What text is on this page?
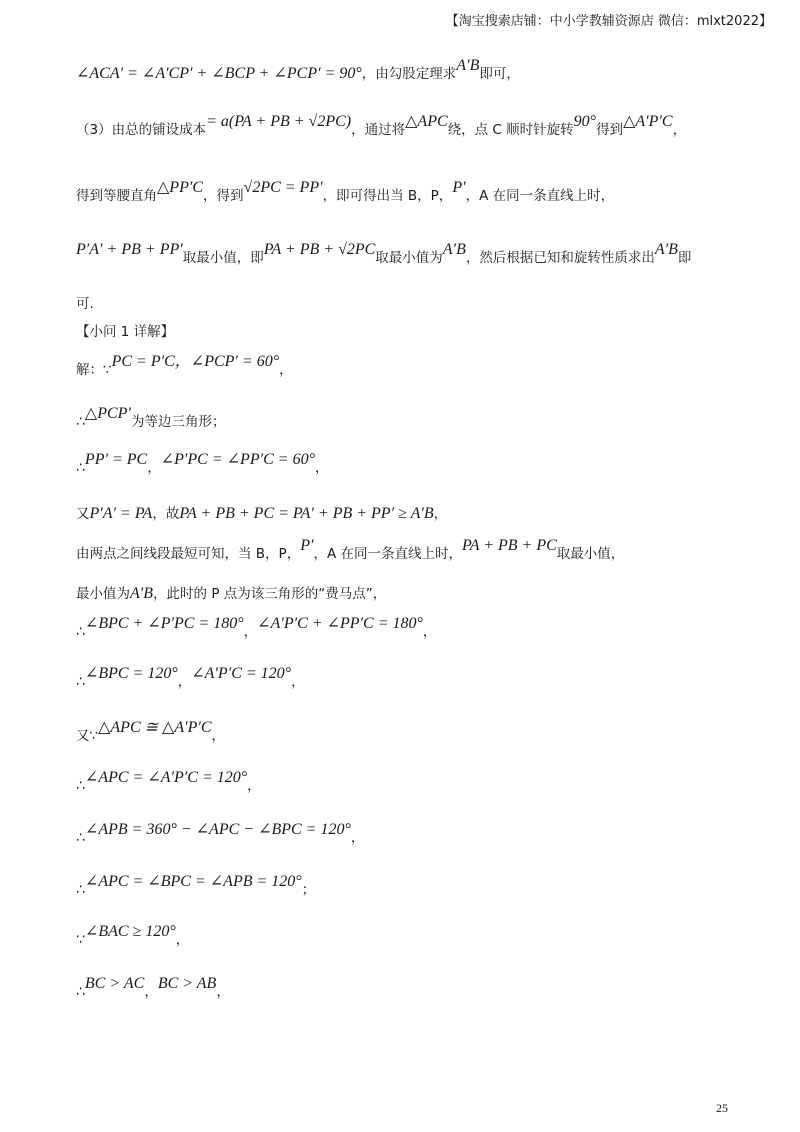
【淘宝搜索店铺：中小学教辅资源店 微信：mlxt2022】
∠ACA′ = ∠A′CP′ + ∠BCP + ∠PCP′ = 90°，由勾股定理求A′B即可，
（3）由总的铺设成本= a(PA + PB + √2PC)，通过将△APC绕，点 C 顺时针旋转90°得到△A′P′C，
得到等腰直角△PP′C，得到√2PC = PP′，即可得出当 B，P，P′，A 在同一条直线上时，
P′A′ + PB + PP′取最小值，即PA + PB + √2PC取最小值为A′B，然后根据已知和旋转性质求出A′B即
可.
【小问 1 详解】
解：∵PC = P′C，∠PCP′ = 60°，
∴△PCP′为等边三角形；
∴PP′ = PC，∠P′PC = ∠PP′C = 60°，
又P′A′ = PA，故PA + PB + PC = PA′ + PB + PP′ ≥ A′B，
由两点之间线段最短可知，当 B，P，P′，A 在同一条直线上时，PA + PB + PC取最小值，
最小值为A′B，此时的 P 点为该三角形的“费马点”，
∴∠BPC + ∠P′PC = 180°，∠A′P′C + ∠PP′C = 180°，
∴∠BPC = 120°，∠A′P′C = 120°，
又∵△APC ≅ △A′P′C，
∴∠APC = ∠A′P′C = 120°，
∴∠APB = 360° − ∠APC − ∠BPC = 120°，
∴∠APC = ∠BPC = ∠APB = 120°；
∵∠BAC ≥ 120°，
∴BC > AC，BC > AB，
25
